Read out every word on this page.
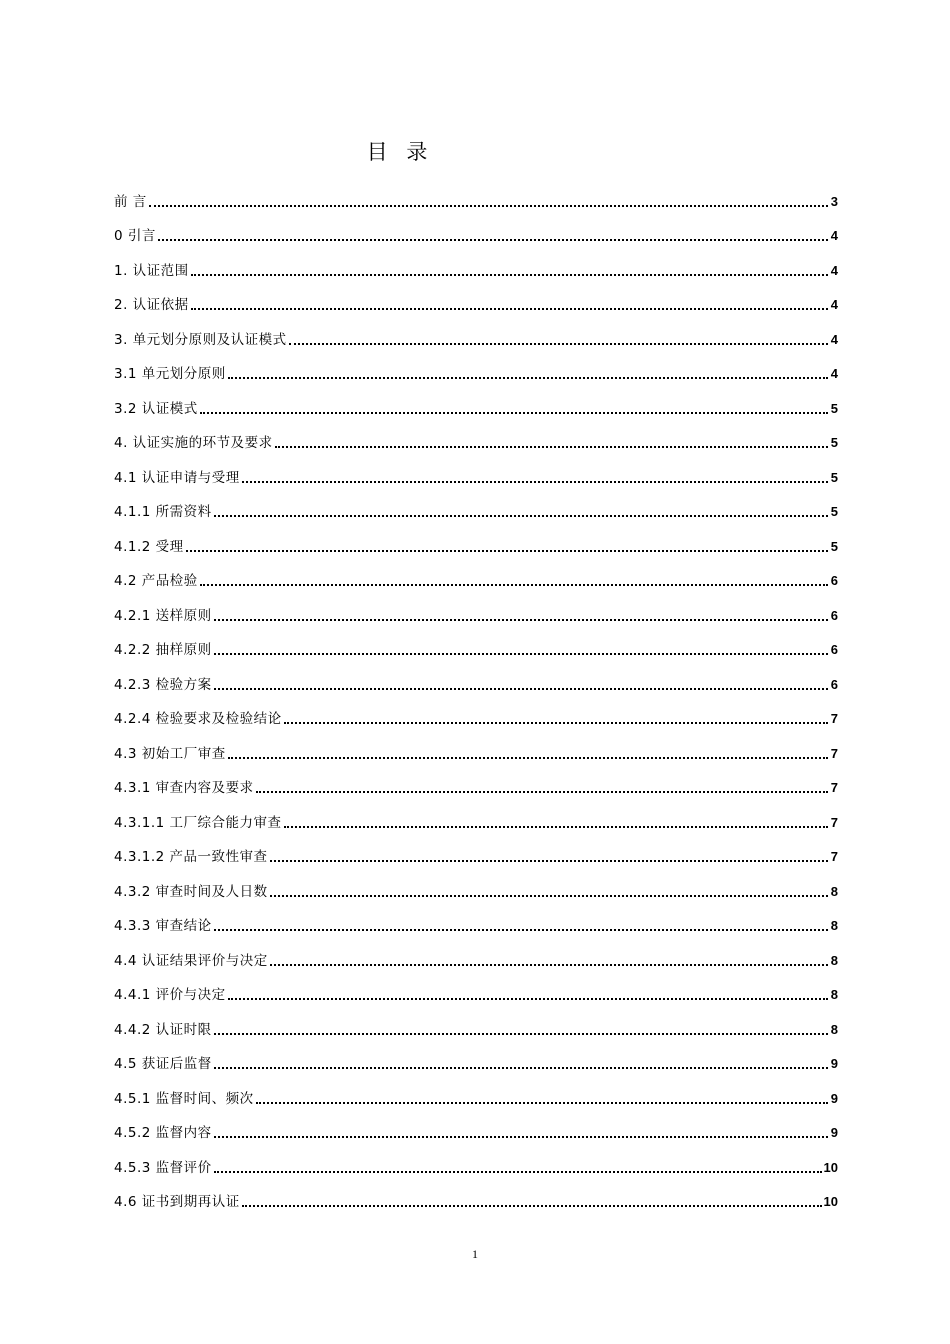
目 录
前 言	3
0 引言	4
1. 认证范围	4
2. 认证依据	4
3. 单元划分原则及认证模式	4
3.1 单元划分原则	4
3.2 认证模式	5
4. 认证实施的环节及要求	5
4.1 认证申请与受理	5
4.1.1 所需资料	5
4.1.2 受理	5
4.2 产品检验	6
4.2.1 送样原则	6
4.2.2 抽样原则	6
4.2.3 检验方案	6
4.2.4 检验要求及检验结论	7
4.3 初始工厂审查	7
4.3.1 审查内容及要求	7
4.3.1.1 工厂综合能力审查	7
4.3.1.2 产品一致性审查	7
4.3.2 审查时间及人日数	8
4.3.3 审查结论	8
4.4 认证结果评价与决定	8
4.4.1 评价与决定	8
4.4.2 认证时限	8
4.5 获证后监督	9
4.5.1 监督时间、频次	9
4.5.2 监督内容	9
4.5.3 监督评价	10
4.6 证书到期再认证	10
1
